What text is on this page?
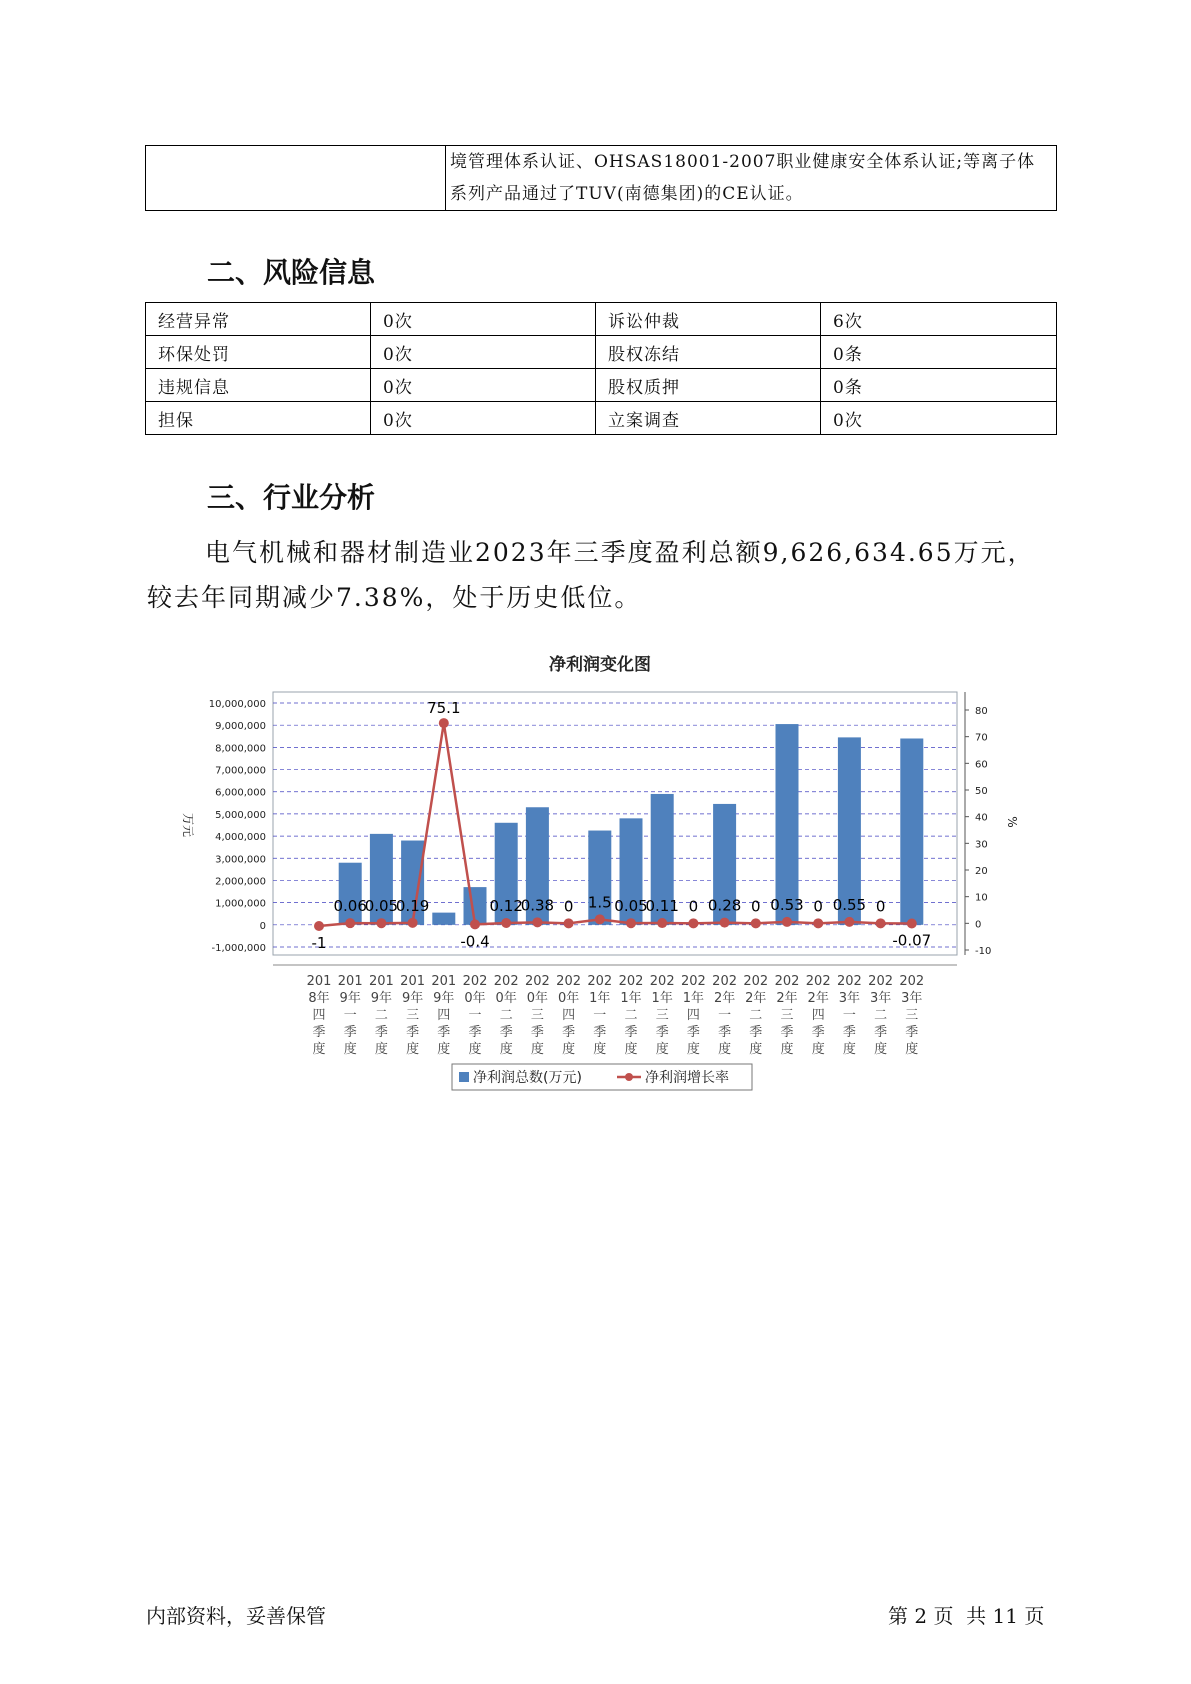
境管理体系认证、OHSAS18001-2007职业健康安全体系认证;等离子体
系列产品通过了TUV(南德集团)的CE认证。
二、风险信息
经营异常	0次	诉讼仲裁	6次
环保处罚	0次	股权冻结	0条
违规信息	0次	股权质押	0条
担保	0次	立案调查	0次
三、行业分析
电气机械和器材制造业2023年三季度盈利总额9,626,634.65万元，较去年同期减少7.38%，处于历史低位。
净利润变化图
10,000,000
9,000,000
8,000,000
7,000,000
6,000,000
5,000,000
4,000,000
3,000,000
2,000,000
1,000,000
0
-1,000,000
80
70
60
50
40
30
20
10
0
-10
万元	%
-1
0.06
0.05
0.19
75.1
-0.4
0.12
0.38 0 1.5 0.05
0.11 0 0.28 0 0.53 0 0.55 0
-0.07
201
8年
四
季
度
201
9年
一
季
度
201
9年
二
季
度
201
9年
三
季
度
201
9年
四
季
度
202
0年
一
季
度
202
0年
二
季
度
202
0年
三
季
度
202
0年
四
季
度
202
1年
一
季
度
202
1年
二
季
度
202
1年
三
季
度
202
1年
四
季
度
202
2年
一
季
度
202
2年
二
季
度
202
2年
三
季
度
202
2年
四
季
度
202
3年
一
季
度
202
3年
二
季
度
202
3年
三
季
度
净利润总数(万元)	净利润增长率
内部资料，妥善保管	第 2 页  共 11 页
